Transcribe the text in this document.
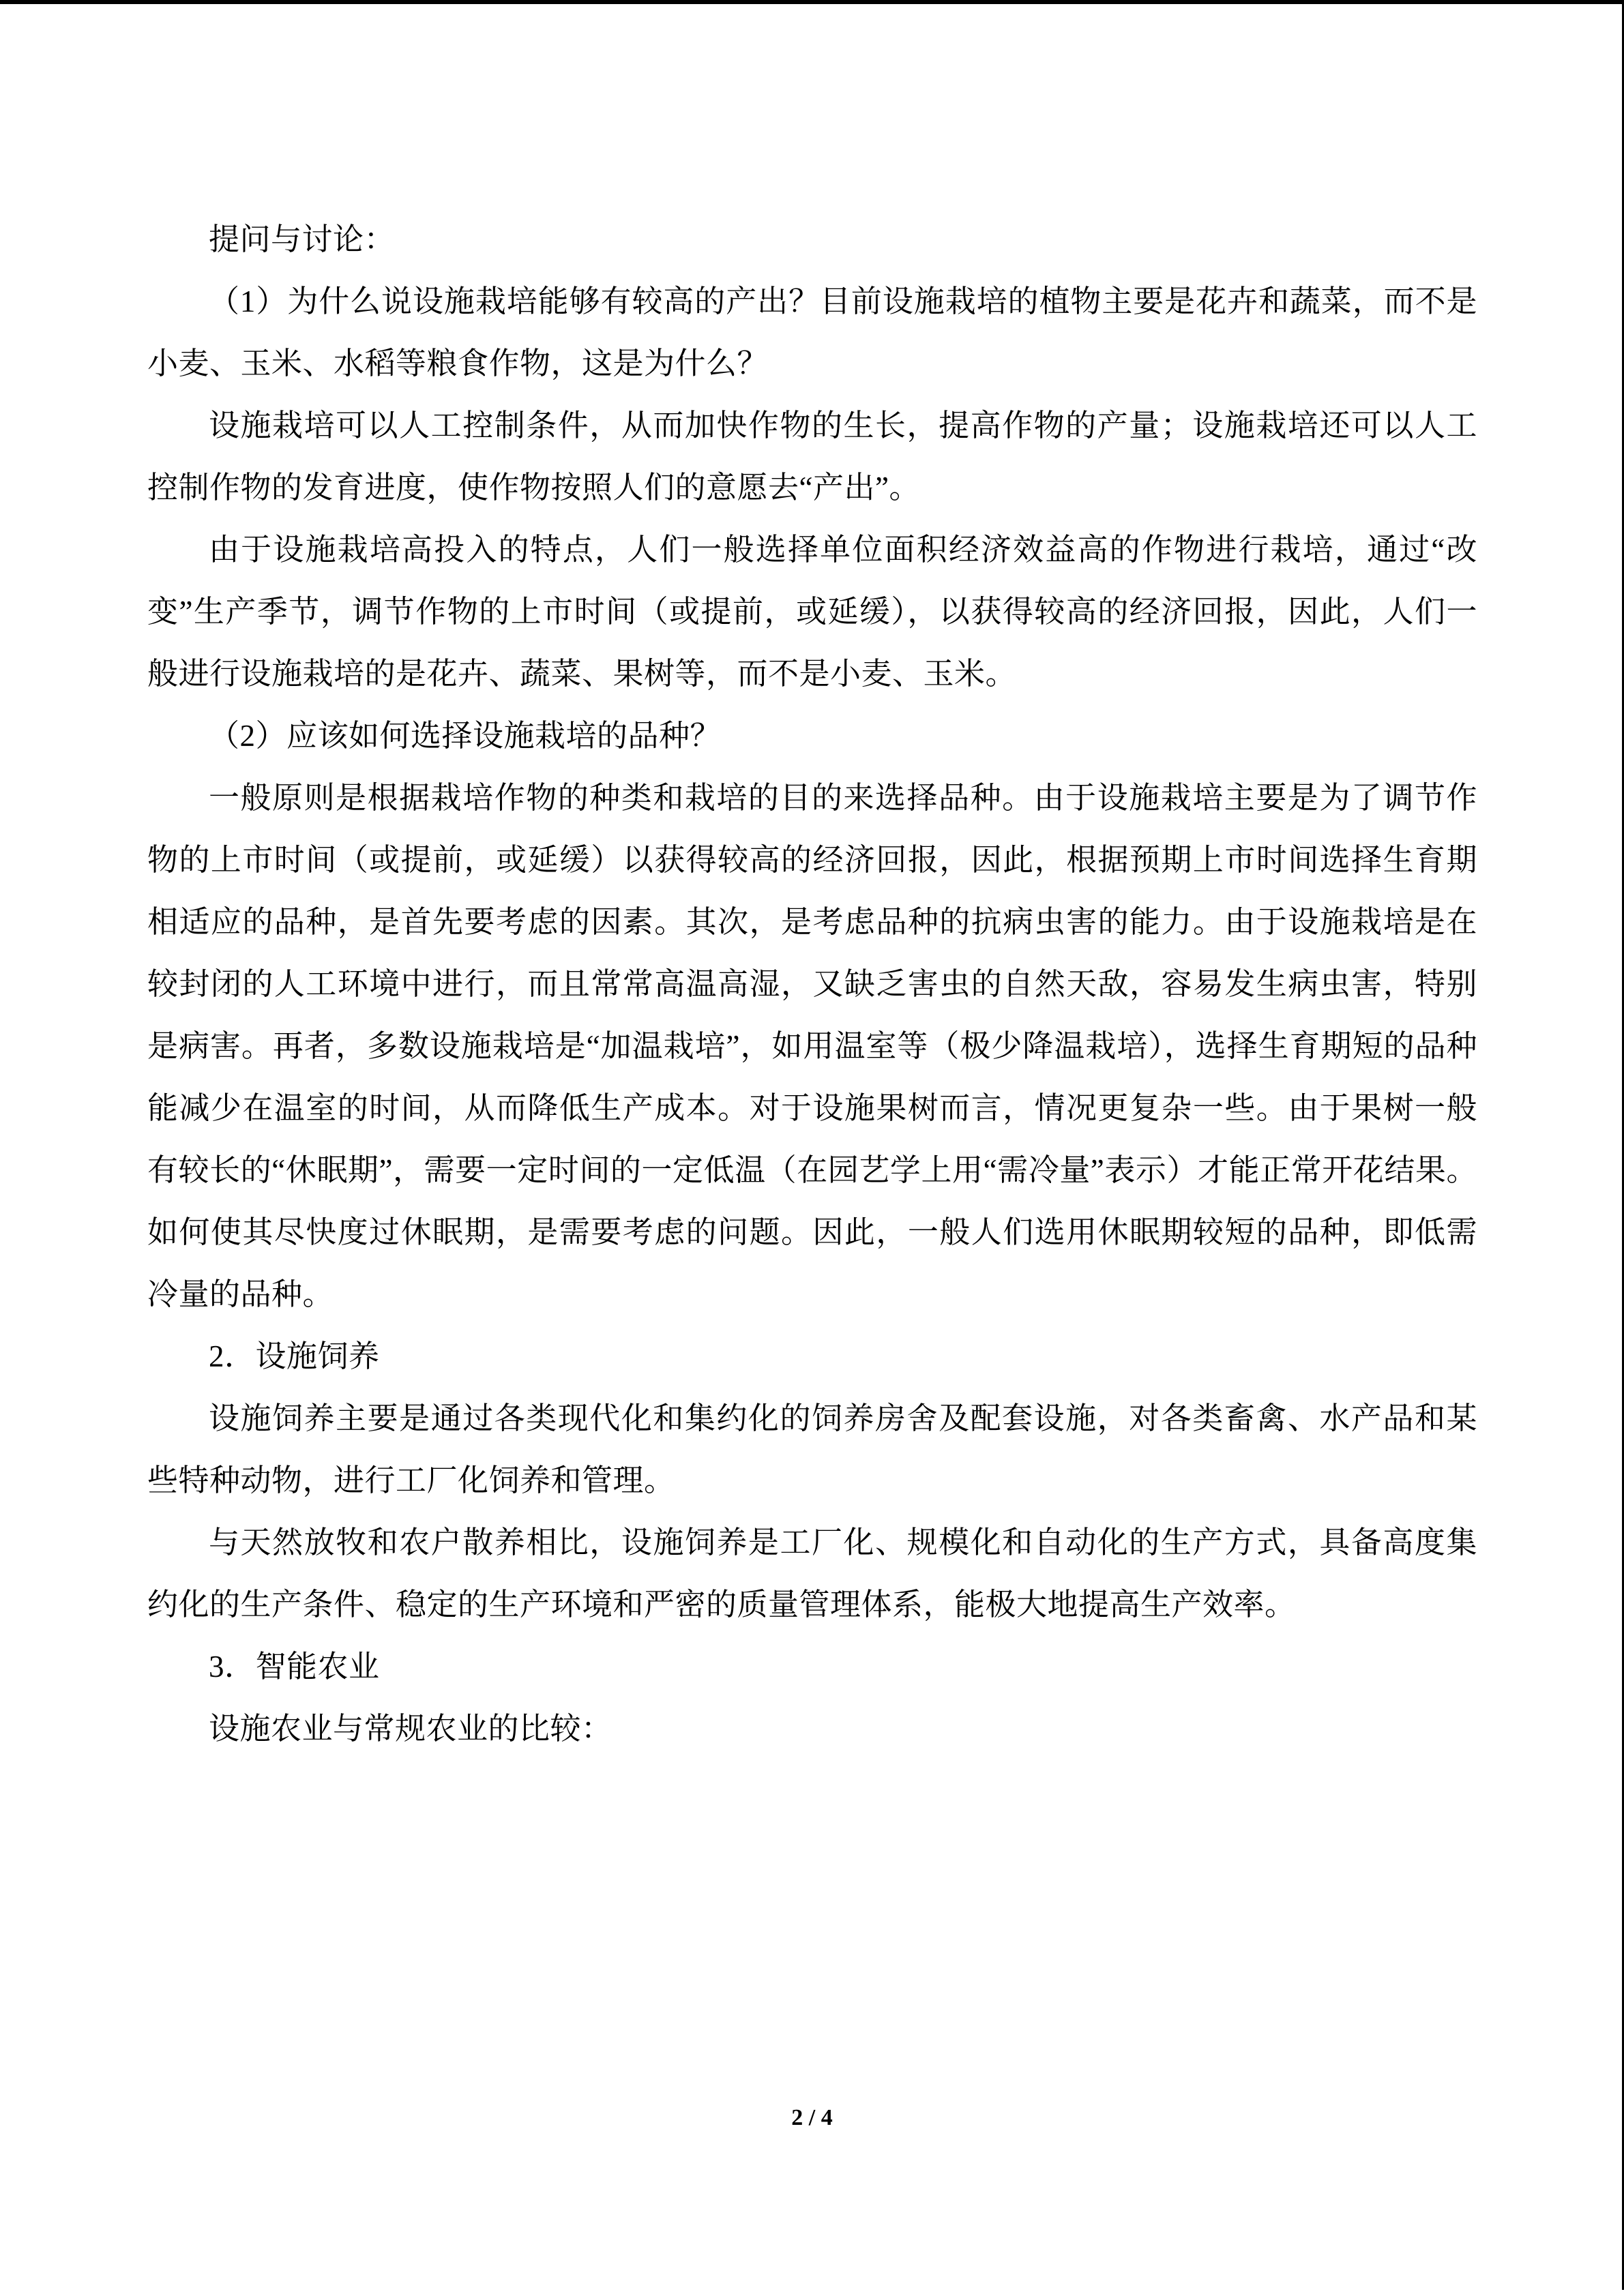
提问与讨论：

（1）为什么说设施栽培能够有较高的产出？目前设施栽培的植物主要是花卉和蔬菜，而不是小麦、玉米、水稻等粮食作物，这是为什么？

设施栽培可以人工控制条件，从而加快作物的生长，提高作物的产量；设施栽培还可以人工控制作物的发育进度，使作物按照人们的意愿去“产出”。

由于设施栽培高投入的特点，人们一般选择单位面积经济效益高的作物进行栽培，通过“改变”生产季节，调节作物的上市时间（或提前，或延缓），以获得较高的经济回报，因此，人们一般进行设施栽培的是花卉、蔬菜、果树等，而不是小麦、玉米。

（2）应该如何选择设施栽培的品种？

一般原则是根据栽培作物的种类和栽培的目的来选择品种。由于设施栽培主要是为了调节作物的上市时间（或提前，或延缓）以获得较高的经济回报，因此，根据预期上市时间选择生育期相适应的品种，是首先要考虑的因素。其次，是考虑品种的抗病虫害的能力。由于设施栽培是在较封闭的人工环境中进行，而且常常高温高湿，又缺乏害虫的自然天敌，容易发生病虫害，特别是病害。再者，多数设施栽培是“加温栽培”，如用温室等（极少降温栽培），选择生育期短的品种能减少在温室的时间，从而降低生产成本。对于设施果树而言，情况更复杂一些。由于果树一般有较长的“休眠期”，需要一定时间的一定低温（在园艺学上用“需冷量”表示）才能正常开花结果。如何使其尽快度过休眠期，是需要考虑的问题。因此，一般人们选用休眠期较短的品种，即低需冷量的品种。

2．设施饲养

设施饲养主要是通过各类现代化和集约化的饲养房舍及配套设施，对各类畜禽、水产品和某些特种动物，进行工厂化饲养和管理。

与天然放牧和农户散养相比，设施饲养是工厂化、规模化和自动化的生产方式，具备高度集约化的生产条件、稳定的生产环境和严密的质量管理体系，能极大地提高生产效率。

3．智能农业

设施农业与常规农业的比较：

2 / 4
